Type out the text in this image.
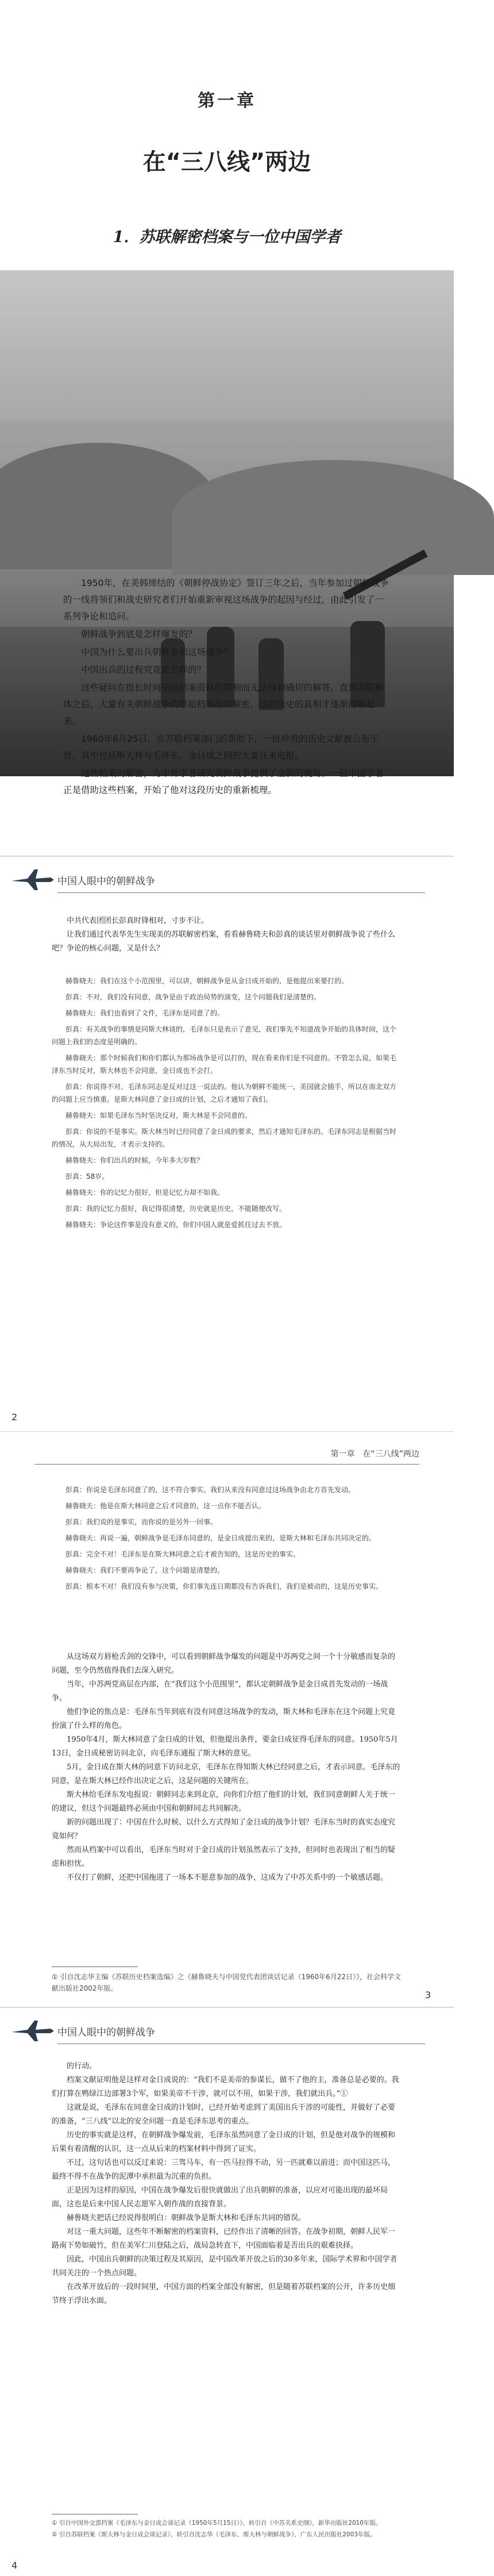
第一章
在“三八线”两边
1．苏联解密档案与一位中国学者

1950年，在美韩缔结的《朝鲜停战协定》签订三年之后，当年参加过朝鲜战争的一线将领们和战史研究者们开始重新审视这场战争的起因与经过，由此引发了一系列争论和追问。

朝鲜战争到底是怎样爆发的？

中国为什么要出兵朝鲜参加这场战争？

中国出兵的过程究竟是怎样的？

这些疑问在很长时间里因档案资料的限制而无法得到确切的解答。直到苏联解体之后，大量有关朝鲜战争的原始档案陆续解密，这段历史的真相才逐渐清晰起来。

1960年6月25日，在苏联档案部门的帮助下，一批珍贵的历史文献被公布于世，其中包括斯大林与毛泽东、金日成之间的大量往来电报。

这些档案的解密，为中外学者研究朝鲜战争提供了全新的视角。一位中国学者正是借助这些档案，开始了他对这段历史的重新梳理。

中国人眼中的朝鲜战争

中共代表团团长彭真时锋相对，寸步不让。

让我们通过代表华先生实现美的苏联解密档案，看看赫鲁晓夫和彭真的谈话里对朝鲜战争说了些什么吧？争论的核心问题，又是什么？

赫鲁晓夫：我们在这个小范围里，可以讲，朝鲜战争是从金日成开始的，是他提出来要打的。

彭真：不对，我们没有同意，战争是由于政治局势的演变，这个问题我们是清楚的。

赫鲁晓夫：我们也看到了文件，毛泽东是同意了的。

彭真：有关战争的事情是同斯大林谈的，毛泽东只是表示了意见，我们事先不知道战争开始的具体时间，这个问题上我们的态度是明确的。

赫鲁晓夫：那个时候我们和你们都认为那场战争是可以打的，现在看来你们是不同意的。不管怎么说，如果毛泽东当时反对，斯大林也不会同意，金日成也不会打。

彭真：你说得不对。毛泽东同志是反对过这一说法的。他认为朝鲜不能统一，美国就会插手，所以在南北双方的问题上应当慎重。是斯大林同意了金日成的计划，之后才通知了我们。

赫鲁晓夫：如果毛泽东当时坚决反对，斯大林是不会同意的。

彭真：你说的不是事实。斯大林当时已经同意了金日成的要求，然后才通知毛泽东的。毛泽东同志是根据当时的情况，从大局出发，才表示支持的。

赫鲁晓夫：你们出兵的时候，今年多大岁数？

彭真：58岁。

赫鲁晓夫：你的记忆力很好，但是记忆力却不如我。

彭真：我的记忆力很好，我记得很清楚，历史就是历史，不能随便改写。

赫鲁晓夫：争论这件事是没有意义的，你们中国人就是爱抓住过去不放。

2
第一章　在“三八线”两边

彭真：你说是毛泽东同意了的，这不符合事实。我们从来没有同意过这场战争由北方首先发动。

赫鲁晓夫：他是在斯大林同意之后才同意的，这一点你不能否认。

彭真：我们说的是事实，而你说的是另外一回事。

赫鲁晓夫：再说一遍，朝鲜战争是毛泽东同意的，是金日成提出来的，是斯大林和毛泽东共同决定的。

彭真：完全不对！毛泽东是在斯大林同意之后才被告知的，这是历史的事实。

赫鲁晓夫：我们不要再争论了，这个问题是清楚的。

彭真：根本不对！我们没有参与决策，你们事先连日期都没有告诉我们，我们是被动的，这是历史事实。

从这场双方唇枪舌剑的交锋中，可以看到朝鲜战争爆发的问题是中苏两党之间一个十分敏感而复杂的问题，至今仍然值得我们去深入研究。

当年，中苏两党高层在内部，在“我们这个小范围里”，都认定朝鲜战争是金日成首先发动的一场战争。

他们争论的焦点是：毛泽东当年到底有没有同意这场战争的发动，斯大林和毛泽东在这个问题上究竟扮演了什么样的角色。

1950年4月，斯大林同意了金日成的计划，但他提出条件，要金日成征得毛泽东的同意。1950年5月13日，金日成秘密访问北京，向毛泽东通报了斯大林的意见。

5月，金日成在斯大林的同意下访问北京，毛泽东在得知斯大林已经同意之后，才表示同意。毛泽东的同意，是在斯大林已经作出决定之后，这是问题的关键所在。

斯大林给毛泽东发电报说：朝鲜同志来到北京，向你们介绍了他们的计划，我们同意朝鲜人关于统一的建议，但这个问题最终必须由中国和朝鲜同志共同解决。

新的问题出现了：中国在什么时候、以什么方式得知了金日成的战争计划？毛泽东当时的真实态度究竟如何？

然而从档案中可以看出，毛泽东当时对于金日成的计划虽然表示了支持，但同时也表现出了相当的疑虑和担忧。

不仅打了朝鲜，还把中国拖进了一场本不愿意参加的战争，这成为了中苏关系中的一个敏感话题。

① 引自沈志华主编《苏联历史档案选编》之《赫鲁晓夫与中国党代表团谈话记录（1960年6月22日）》，社会科学文献出版社2002年版。

3
中国人眼中的朝鲜战争

的行动。

档案文献证明他是这样对金日成说的：“我们不是美帝的参谋长，做不了他的主，准备总是必要的。我们打算在鸭绿江边部署3个军，如果美帝不干涉，就可以不用，如果干涉，我们就出兵。”①

这就是说，毛泽东在同意金日成的计划时，已经开始考虑到了美国出兵干涉的可能性，并做好了必要的准备，“三八线”以北的安全问题一直是毛泽东思考的重点。

历史的事实就是这样，在朝鲜战争爆发前，毛泽东虽然同意了金日成的计划，但是他对战争的规模和后果有着清醒的认识，这一点从后来的档案材料中得到了证实。

不过，这句话也可以反过来说：三驾马车，有一匹马拉得不动，另一匹就难以前进；而中国这匹马，最终不得不在战争的泥潭中承担最为沉重的负担。

正是因为这样的原因，中国在战争爆发后很快就做出了出兵朝鲜的准备，以应对可能出现的最坏局面，这也是后来中国人民志愿军入朝作战的直接背景。

赫鲁晓夫把话已经说得很明白：朝鲜战争是斯大林和毛泽东共同的错误。

对这一重大问题，这些年不断解密的档案资料，已经作出了清晰的回答。在战争初期，朝鲜人民军一路南下势如破竹，但在美军仁川登陆之后，战局急转直下，中国面临着是否出兵的艰难抉择。

因此，中国出兵朝鲜的决策过程及其原因，是中国改革开放之后的30多年来，国际学术界和中国学者共同关注的一个热点问题。

在改革开放后的一段时间里，中国方面的档案全部没有解密，但是随着苏联档案的公开，许多历史细节终于浮出水面。

① 引自中国外交部档案《毛泽东与金日成会谈记录（1950年5月15日）》，转引自《中苏关系史纲》，新华出版社2010年版。

② 引自苏联档案《斯大林与金日成会谈记录》，转引自沈志华《毛泽东、斯大林与朝鲜战争》，广东人民出版社2003年版。

4
